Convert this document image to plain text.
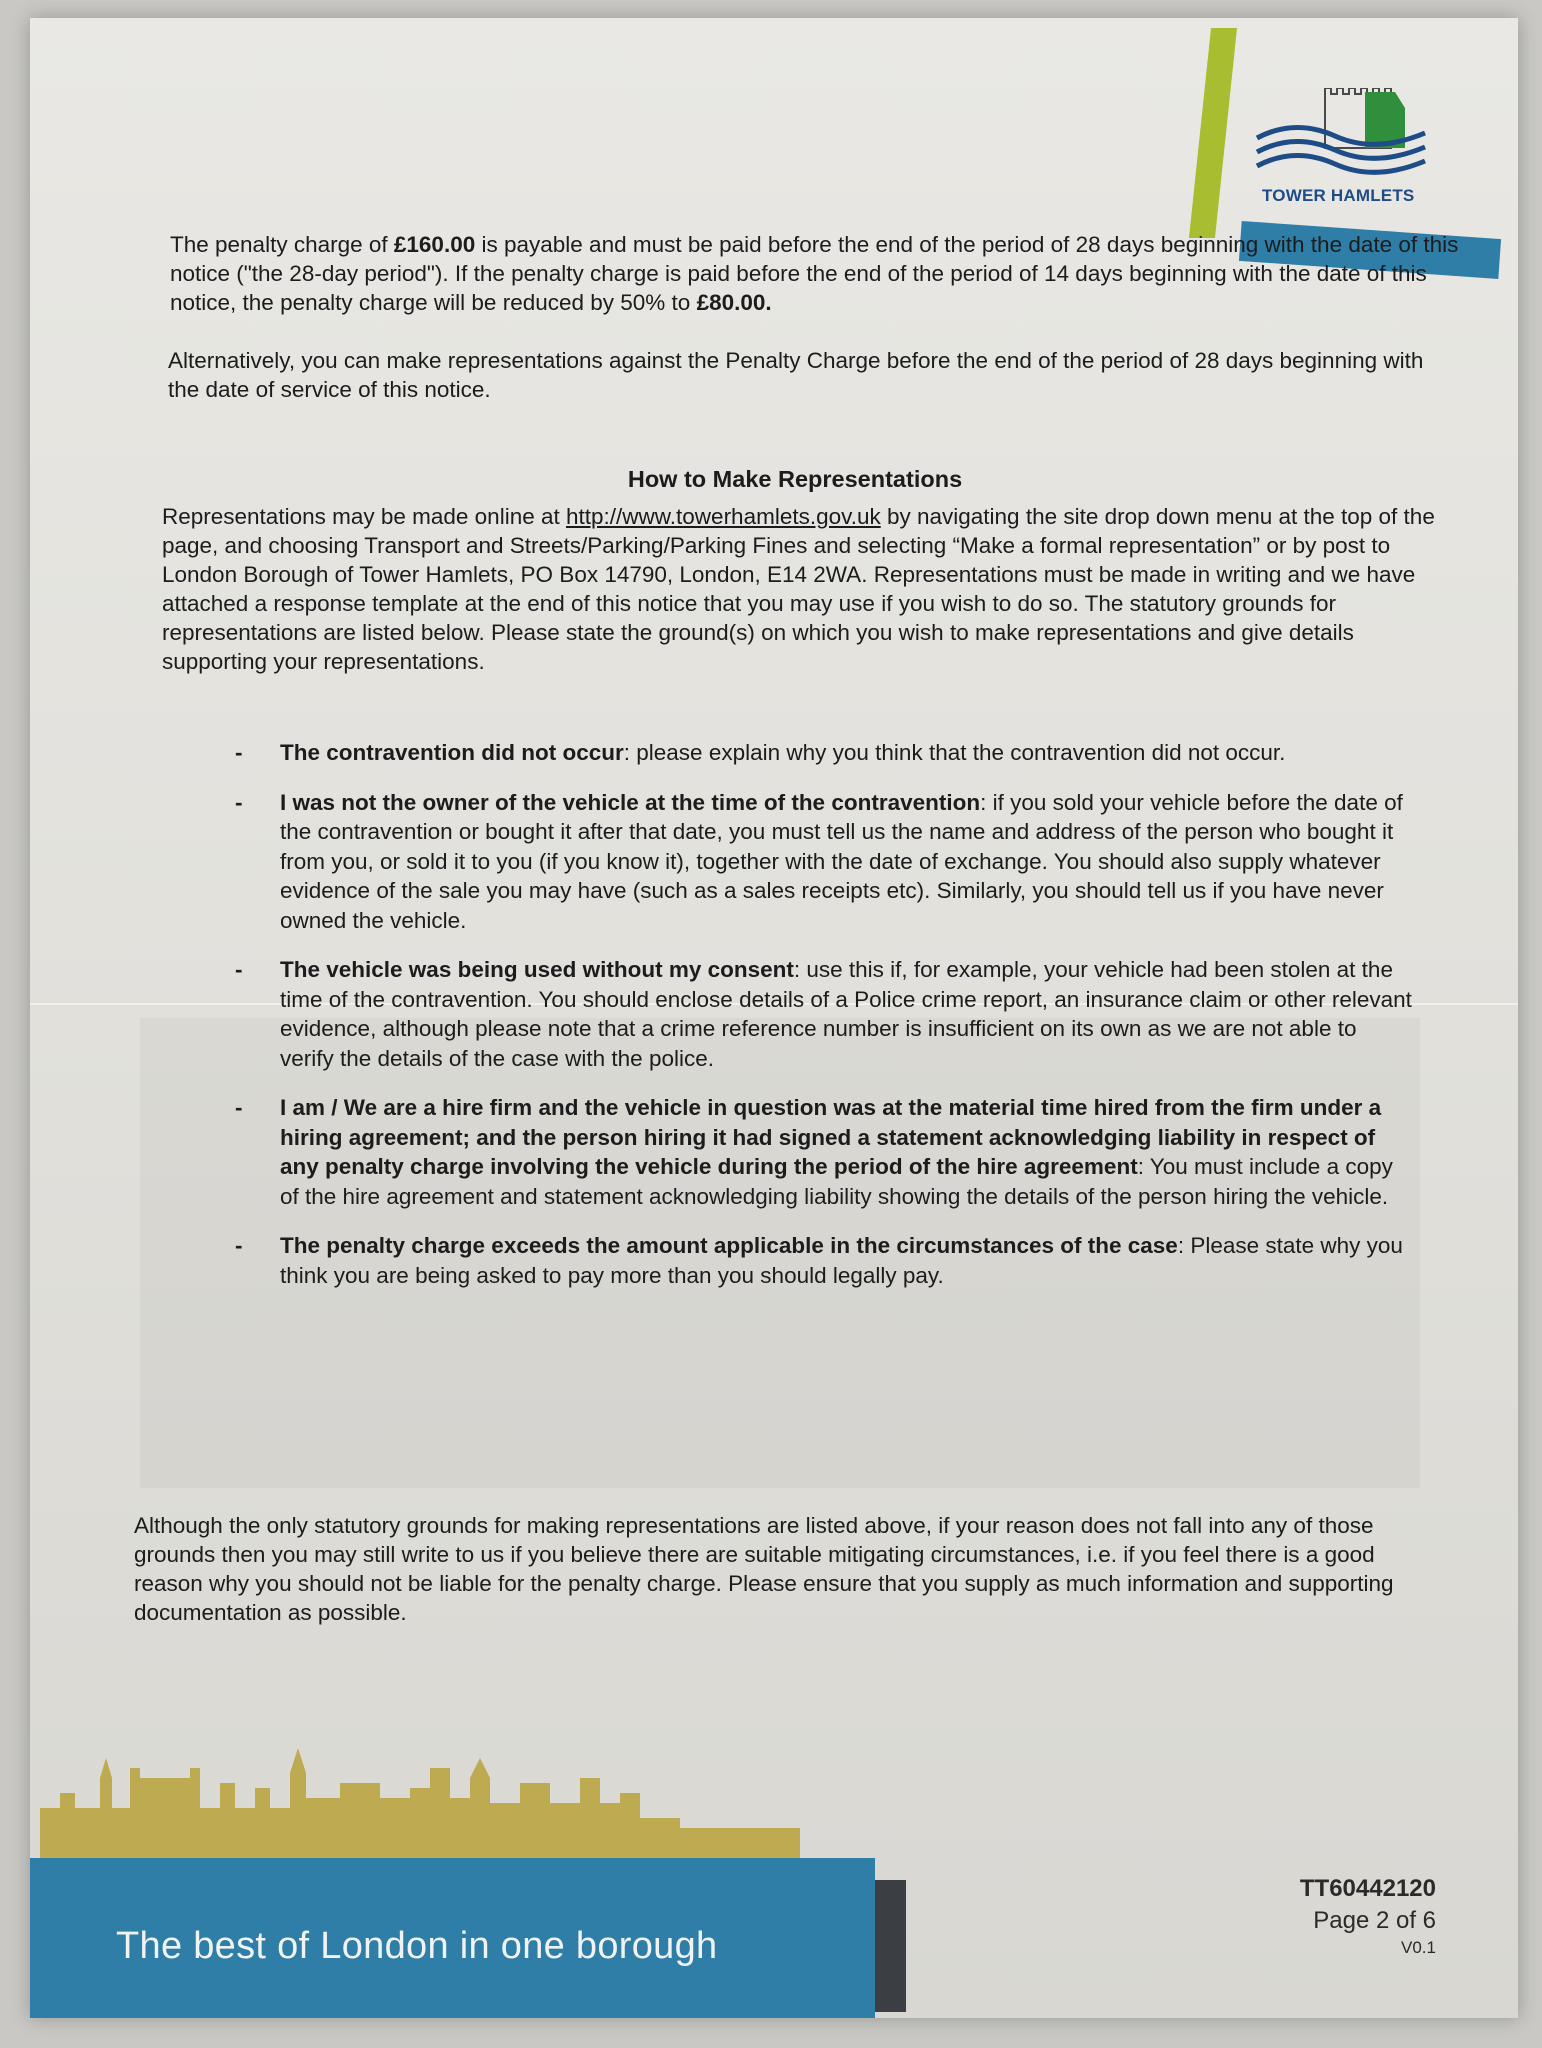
TOWER HAMLETS
The penalty charge of £160.00 is payable and must be paid before the end of the period of 28 days beginning with the date of this notice ("the 28-day period"). If the penalty charge is paid before the end of the period of 14 days beginning with the date of this notice, the penalty charge will be reduced by 50% to £80.00.
Alternatively, you can make representations against the Penalty Charge before the end of the period of 28 days beginning with the date of service of this notice.
How to Make Representations
Representations may be made online at http://www.towerhamlets.gov.uk by navigating the site drop down menu at the top of the page, and choosing Transport and Streets/Parking/Parking Fines and selecting “Make a formal representation” or by post to London Borough of Tower Hamlets, PO Box 14790, London, E14 2WA. Representations must be made in writing and we have attached a response template at the end of this notice that you may use if you wish to do so. The statutory grounds for representations are listed below. Please state the ground(s) on which you wish to make representations and give details supporting your representations.
- The contravention did not occur: please explain why you think that the contravention did not occur.
- I was not the owner of the vehicle at the time of the contravention: if you sold your vehicle before the date of the contravention or bought it after that date, you must tell us the name and address of the person who bought it from you, or sold it to you (if you know it), together with the date of exchange. You should also supply whatever evidence of the sale you may have (such as a sales receipts etc). Similarly, you should tell us if you have never owned the vehicle.
- The vehicle was being used without my consent: use this if, for example, your vehicle had been stolen at the time of the contravention. You should enclose details of a Police crime report, an insurance claim or other relevant evidence, although please note that a crime reference number is insufficient on its own as we are not able to verify the details of the case with the police.
- I am / We are a hire firm and the vehicle in question was at the material time hired from the firm under a hiring agreement; and the person hiring it had signed a statement acknowledging liability in respect of any penalty charge involving the vehicle during the period of the hire agreement: You must include a copy of the hire agreement and statement acknowledging liability showing the details of the person hiring the vehicle.
- The penalty charge exceeds the amount applicable in the circumstances of the case: Please state why you think you are being asked to pay more than you should legally pay.
Although the only statutory grounds for making representations are listed above, if your reason does not fall into any of those grounds then you may still write to us if you believe there are suitable mitigating circumstances, i.e. if you feel there is a good reason why you should not be liable for the penalty charge. Please ensure that you supply as much information and supporting documentation as possible.
The best of London in one borough
TT60442120
Page 2 of 6
V0.1
